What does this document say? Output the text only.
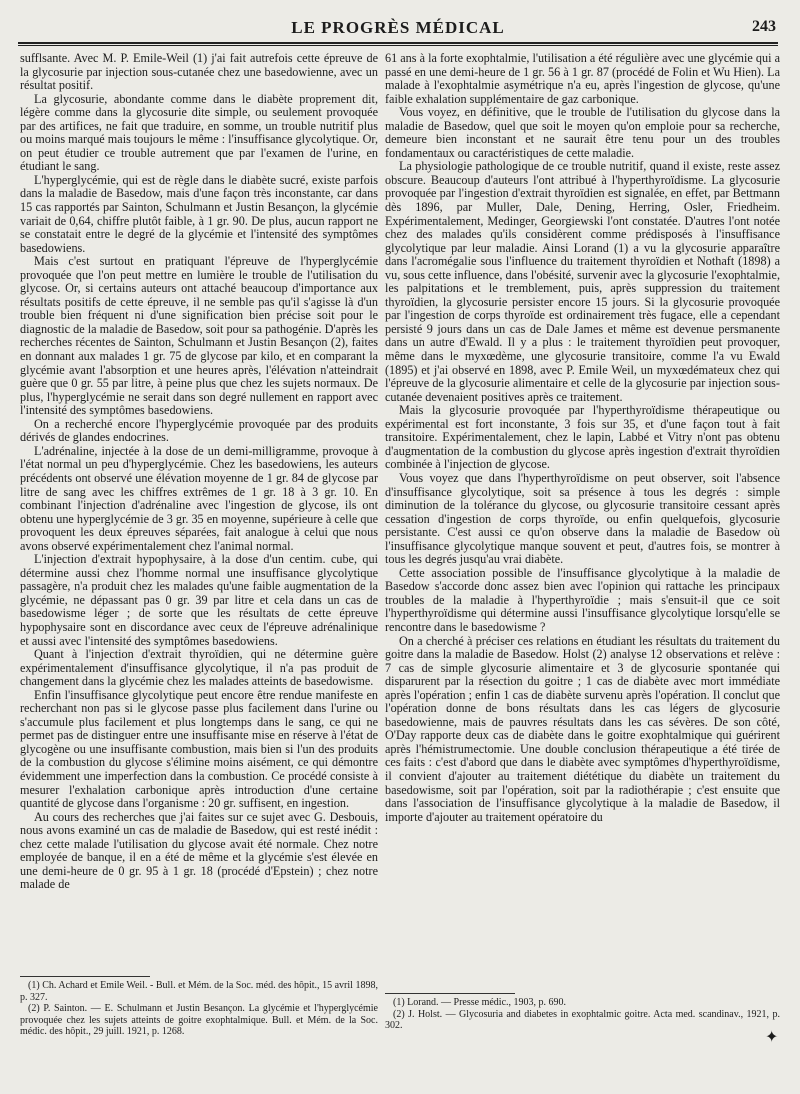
LE PROGRÈS MÉDICAL	243

sufflsante. Avec M. P. Emile-Weil (1) j'ai fait autrefois cette épreuve de la glycosurie par injection sous-cutanée chez une basedowienne, avec un résultat positif.

La glycosurie, abondante comme dans le diabète proprement dit, légère comme dans la glycosurie dite simple, ou seulement provoquée par des artifices, ne fait que traduire, en somme, un trouble nutritif plus ou moins marqué mais toujours le même : l'insuffisance glycolytique. Or, on peut étudier ce trouble autrement que par l'examen de l'urine, en étudiant le sang.

L'hyperglycémie, qui est de règle dans le diabète sucré, existe parfois dans la maladie de Basedow, mais d'une façon très inconstante, car dans 15 cas rapportés par Sainton, Schulmann et Justin Besançon, la glycémie variait de 0,64, chiffre plutôt faible, à 1 gr. 90. De plus, aucun rapport ne se constatait entre le degré de la glycémie et l'intensité des symptômes basedowiens.

Mais c'est surtout en pratiquant l'épreuve de l'hyperglycémie provoquée que l'on peut mettre en lumière le trouble de l'utilisation du glycose. Or, si certains auteurs ont attaché beaucoup d'importance aux résultats positifs de cette épreuve, il ne semble pas qu'il s'agisse là d'un trouble bien fréquent ni d'une signification bien précise soit pour le diagnostic de la maladie de Basedow, soit pour sa pathogénie. D'après les recherches récentes de Sainton, Schulmann et Justin Besançon (2), faites en donnant aux malades 1 gr. 75 de glycose par kilo, et en comparant la glycémie avant l'absorption et une heures après, l'élévation n'atteindrait guère que 0 gr. 55 par litre, à peine plus que chez les sujets normaux. De plus, l'hyperglycémie ne serait dans son degré nullement en rapport avec l'intensité des symptômes basedowiens.

On a recherché encore l'hyperglycémie provoquée par des produits dérivés de glandes endocrines.

L'adrénaline, injectée à la dose de un demi-milligramme, provoque à l'état normal un peu d'hyperglycémie. Chez les basedowiens, les auteurs précédents ont observé une élévation moyenne de 1 gr. 84 de glycose par litre de sang avec les chiffres extrêmes de 1 gr. 18 à 3 gr. 10. En combinant l'injection d'adrénaline avec l'ingestion de glycose, ils ont obtenu une hyperglycémie de 3 gr. 35 en moyenne, supérieure à celle que provoquent les deux épreuves séparées, fait analogue à celui que nous avons observé expérimentalement chez l'animal normal.

L'injection d'extrait hypophysaire, à la dose d'un centim. cube, qui détermine aussi chez l'homme normal une insuffisance glycolytique passagère, n'a produit chez les malades qu'une faible augmentation de la glycémie, ne dépassant pas 0 gr. 39 par litre et cela dans un cas de basedowisme léger ; de sorte que les résultats de cette épreuve hypophysaire sont en discordance avec ceux de l'épreuve adrénalinique et aussi avec l'intensité des symptômes basedowiens.

Quant à l'injection d'extrait thyroïdien, qui ne détermine guère expérimentalement d'insuffisance glycolytique, il n'a pas produit de changement dans la glycémie chez les malades atteints de basedowisme.

Enfin l'insuffisance glycolytique peut encore être rendue manifeste en recherchant non pas si le glycose passe plus facilement dans l'urine ou s'accumule plus facilement et plus longtemps dans le sang, ce qui ne permet pas de distinguer entre une insuffisante mise en réserve à l'état de glycogène ou une insuffisante combustion, mais bien si l'un des produits de la combustion du glycose s'élimine moins aisément, ce qui démontre évidemment une imperfection dans la combustion. Ce procédé consiste à mesurer l'exhalation carbonique après introduction d'une certaine quantité de glycose dans l'organisme : 20 gr. suffisent, en ingestion.

Au cours des recherches que j'ai faites sur ce sujet avec G. Desbouis, nous avons examiné un cas de maladie de Basedow, qui est resté inédit : chez cette malade l'utilisation du glycose avait été normale. Chez notre employée de banque, il en a été de même et la glycémie s'est élevée en une demi-heure de 0 gr. 95 à 1 gr. 18 (procédé d'Epstein) ; chez notre malade de

61 ans à la forte exophtalmie, l'utilisation a été régulière avec une glycémie qui a passé en une demi-heure de 1 gr. 56 à 1 gr. 87 (procédé de Folin et Wu Hien). La malade à l'exophtalmie asymétrique n'a eu, après l'ingestion de glycose, qu'une faible exhalation supplémentaire de gaz carbonique.

Vous voyez, en définitive, que le trouble de l'utilisation du glycose dans la maladie de Basedow, quel que soit le moyen qu'on emploie pour sa recherche, demeure bien inconstant et ne saurait être tenu pour un des troubles fondamentaux ou caractéristiques de cette maladie.

La physiologie pathologique de ce trouble nutritif, quand il existe, reste assez obscure. Beaucoup d'auteurs l'ont attribué à l'hyperthyroïdisme. La glycosurie provoquée par l'ingestion d'extrait thyroïdien est signalée, en effet, par Bettmann dès 1896, par Muller, Dale, Dening, Herring, Osler, Friedheim. Expérimentalement, Medinger, Georgiewski l'ont constatée. D'autres l'ont notée chez des malades qu'ils considèrent comme prédisposés à l'insuffisance glycolytique par leur maladie. Ainsi Lorand (1) a vu la glycosurie apparaître dans l'acromégalie sous l'influence du traitement thyroïdien et Nothaft (1898) a vu, sous cette influence, dans l'obésité, survenir avec la glycosurie l'exophtalmie, les palpitations et le tremblement, puis, après suppression du traitement thyroïdien, la glycosurie persister encore 15 jours. Si la glycosurie provoquée par l'ingestion de corps thyroïde est ordinairement très fugace, elle a cependant persisté 9 jours dans un cas de Dale James et même est devenue persmanente dans un autre d'Ewald. Il y a plus : le traitement thyroïdien peut provoquer, même dans le myxœdème, une glycosurie transitoire, comme l'a vu Ewald (1895) et j'ai observé en 1898, avec P. Emile Weil, un myxœdémateux chez qui l'épreuve de la glycosurie alimentaire et celle de la glycosurie par injection sous-cutanée devenaient positives après ce traitement.

Mais la glycosurie provoquée par l'hyperthyroïdisme thérapeutique ou expérimental est fort inconstante, 3 fois sur 35, et d'une façon tout à fait transitoire. Expérimentalement, chez le lapin, Labbé et Vitry n'ont pas obtenu d'augmentation de la combustion du glycose après ingestion d'extrait thyroïdien combinée à l'injection de glycose.

Vous voyez que dans l'hyperthyroïdisme on peut observer, soit l'absence d'insuffisance glycolytique, soit sa présence à tous les degrés : simple diminution de la tolérance du glycose, ou glycosurie transitoire cessant après cessation d'ingestion de corps thyroïde, ou enfin quelquefois, glycosurie persistante. C'est aussi ce qu'on observe dans la maladie de Basedow où l'insuffisance glycolytique manque souvent et peut, d'autres fois, se montrer à tous les degrés jusqu'au vrai diabète.

Cette association possible de l'insuffisance glycolytique à la maladie de Basedow s'accorde donc assez bien avec l'opinion qui rattache les principaux troubles de la maladie à l'hyperthyroïdie ; mais s'ensuit-il que ce soit l'hyperthyroïdisme qui détermine aussi l'insuffisance glycolytique lorsqu'elle se rencontre dans le basedowisme ?

On a cherché à préciser ces relations en étudiant les résultats du traitement du goitre dans la maladie de Basedow. Holst (2) analyse 12 observations et relève : 7 cas de simple glycosurie alimentaire et 3 de glycosurie spontanée qui disparurent par la résection du goitre ; 1 cas de diabète avec mort immédiate après l'opération ; enfin 1 cas de diabète survenu après l'opération. Il conclut que l'opération donne de bons résultats dans les cas légers de glycosurie basedowienne, mais de pauvres résultats dans les cas sévères. De son côté, O'Day rapporte deux cas de diabète dans le goitre exophtalmique qui guérirent après l'hémistrumectomie. Une double conclusion thérapeutique a été tirée de ces faits : c'est d'abord que dans le diabète avec symptômes d'hyperthyroïdisme, il convient d'ajouter au traitement diététique du diabète un traitement du basedowisme, soit par l'opération, soit par la radiothérapie ; c'est ensuite que dans l'association de l'insuffisance glycolytique à la maladie de Basedow, il importe d'ajouter au traitement opératoire du

(1) Ch. Achard et Emile Weil. - Bull. et Mém. de la Soc. méd. des hôpit., 15 avril 1898, p. 327.

(2) P. Sainton. — E. Schulmann et Justin Besançon. La glycémie et l'hyperglycémie provoquée chez les sujets atteints de goitre exophtalmique. Bull. et Mém. de la Soc. médic. des hôpit., 29 juill. 1921, p. 1268.

(1) Lorand. — Presse médic., 1903, p. 690.

(2) J. Holst. — Glycosuria and diabetes in exophtalmic goitre. Acta med. scandinav., 1921, p. 302.

✦
